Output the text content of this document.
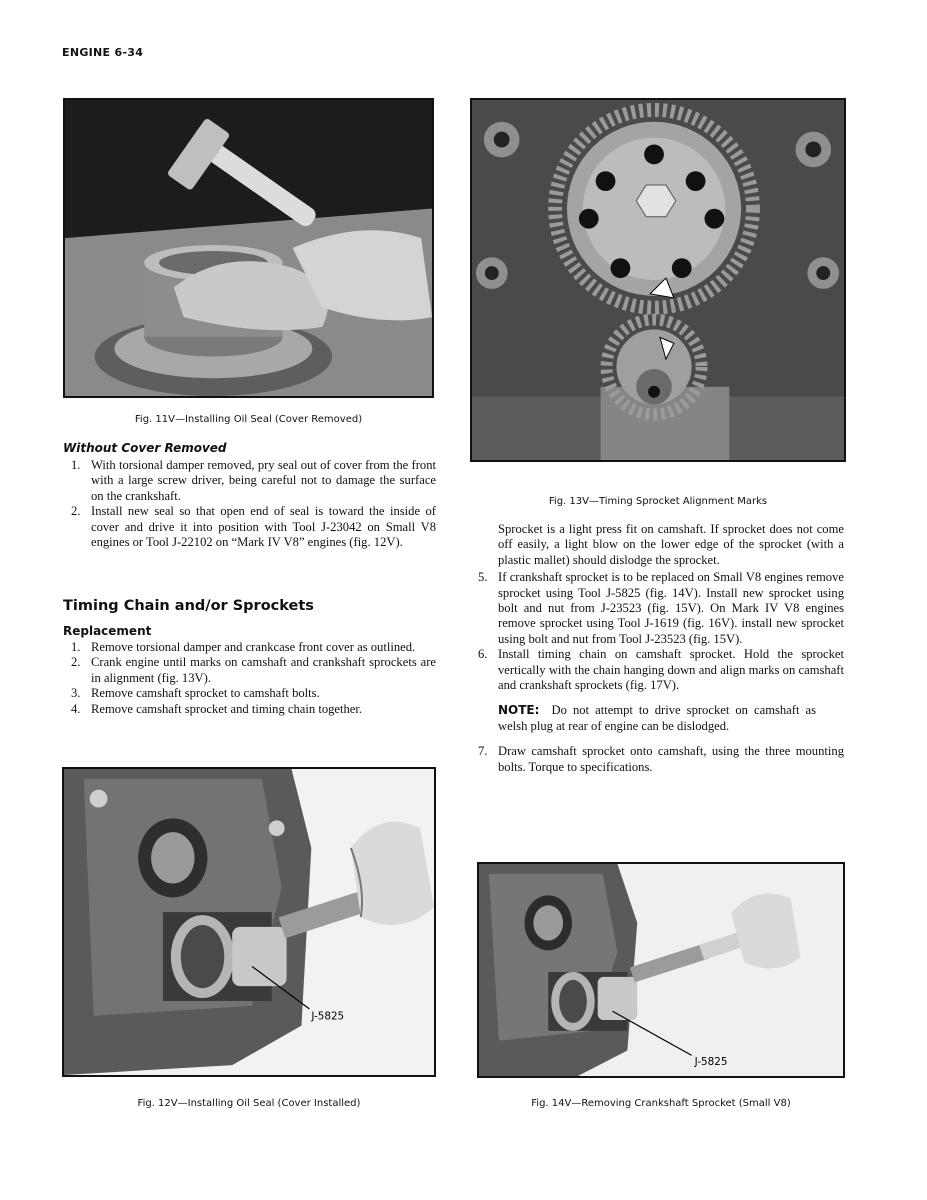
ENGINE 6-34
Fig. 11V—Installing Oil Seal (Cover Removed)
Without Cover Removed
1. With torsional damper removed, pry seal out of cover from the front with a large screw driver, being careful not to damage the surface on the crankshaft.
2. Install new seal so that open end of seal is toward the inside of cover and drive it into position with Tool J-23042 on Small V8 engines or Tool J-22102 on “Mark IV V8” engines (fig. 12V).
Timing Chain and/or Sprockets
Replacement
1. Remove torsional damper and crankcase front cover as outlined.
2. Crank engine until marks on camshaft and crankshaft sprockets are in alignment (fig. 13V).
3. Remove camshaft sprocket to camshaft bolts.
4. Remove camshaft sprocket and timing chain together.
J-5825
Fig. 12V—Installing Oil Seal (Cover Installed)
Fig. 13V—Timing Sprocket Alignment Marks
Sprocket is a light press fit on camshaft. If sprocket does not come off easily, a light blow on the lower edge of the sprocket (with a plastic mallet) should dislodge the sprocket.
5. If crankshaft sprocket is to be replaced on Small V8 engines remove sprocket using Tool J-5825 (fig. 14V). Install new sprocket using bolt and nut from J-23523 (fig. 15V). On Mark IV V8 engines remove sprocket using Tool J-1619 (fig. 16V). install new sprocket using bolt and nut from Tool J-23523 (fig. 15V).
6. Install timing chain on camshaft sprocket. Hold the sprocket vertically with the chain hanging down and align marks on camshaft and crankshaft sprockets (fig. 17V).
NOTE: Do not attempt to drive sprocket on camshaft as welsh plug at rear of engine can be dislodged.
7. Draw camshaft sprocket onto camshaft, using the three mounting bolts. Torque to specifications.
J-5825
Fig. 14V—Removing Crankshaft Sprocket (Small V8)
